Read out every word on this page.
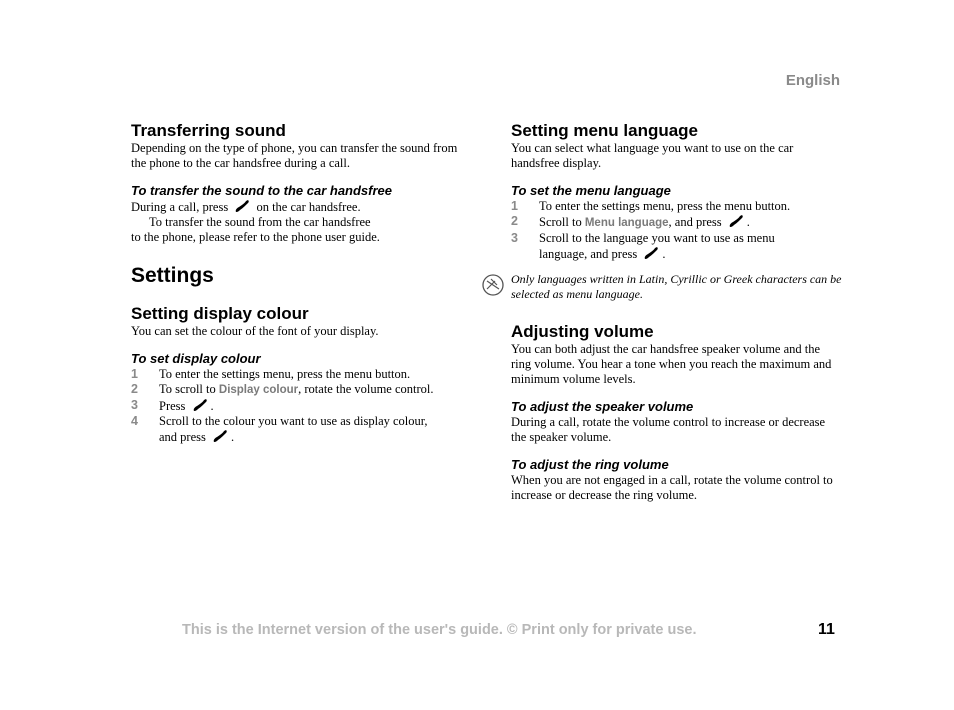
English
Transferring sound

Depending on the type of phone, you can transfer the sound from the phone to the car handsfree during a call.

To transfer the sound to the car handsfree

During a call, press on the car handsfree.

To transfer the sound from the car handsfree

to the phone, please refer to the phone user guide.

Settings
Setting display colour

You can set the colour of the font of your display.

To set display colour
1	To enter the settings menu, press the menu button.
2	To scroll to Display colour, rotate the volume control.
3	Press .
4	Scroll to the colour you want to use as display colour,
and press .
Setting menu language

You can select what language you want to use on the car handsfree display.

To set the menu language
1	To enter the settings menu, press the menu button.
2	Scroll to Menu language, and press .
3	Scroll to the language you want to use as menu
language, and press .
Only languages written in Latin, Cyrillic or Greek characters can be selected as menu language.
Adjusting volume

You can both adjust the car handsfree speaker volume and the ring volume. You hear a tone when you reach the maximum and minimum volume levels.

To adjust the speaker volume

During a call, rotate the volume control to increase or decrease the speaker volume.

To adjust the ring volume

When you are not engaged in a call, rotate the volume control to increase or decrease the ring volume.

This is the Internet version of the user's guide. © Print only for private use.	11
